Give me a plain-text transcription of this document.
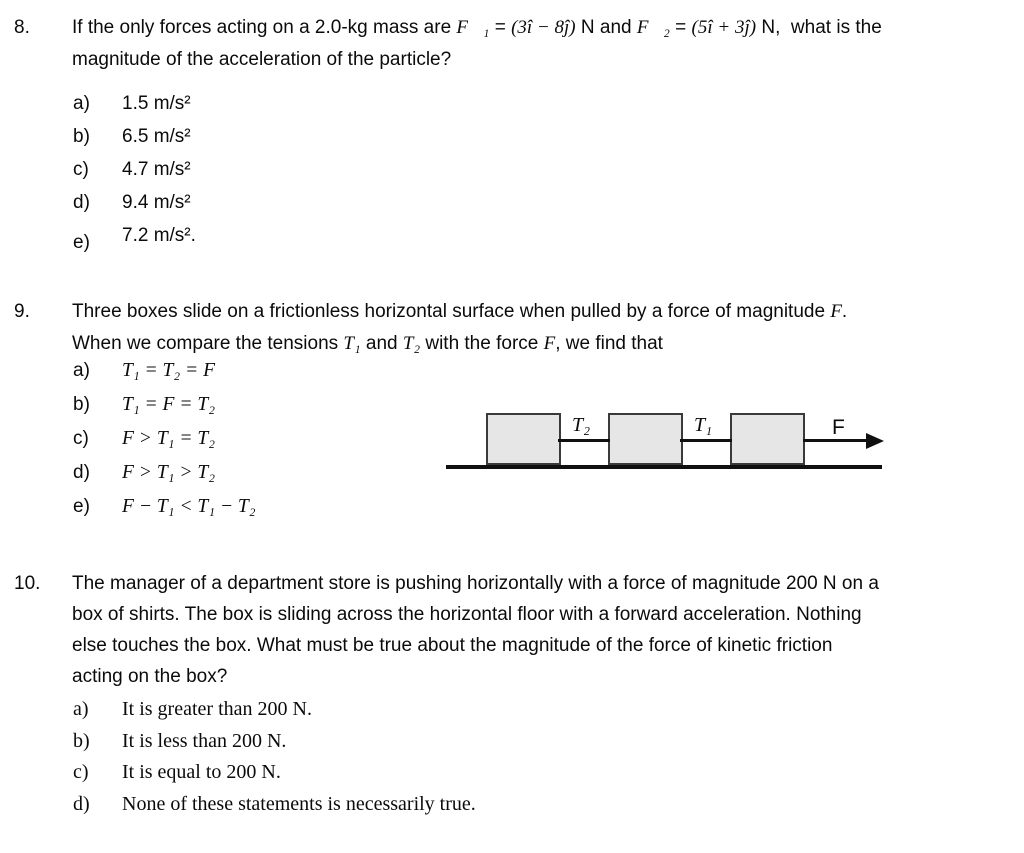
8.	If the only forces acting on a 2.0-kg mass are F⃗₁ = (3î − 8ĵ) N and F⃗₂ = (5î + 3ĵ) N,  what is the
magnitude of the acceleration of the particle?
a)	1.5 m/s²
b)	6.5 m/s²
c)	4.7 m/s²
d)	9.4 m/s²
e)	7.2 m/s².
9.	Three boxes slide on a frictionless horizontal surface when pulled by a force of magnitude F.
When we compare the tensions T₁ and T₂ with the force F, we find that
a)	T₁ = T₂ = F
b)	T₁ = F = T₂
c)	F > T₁ = T₂
d)	F > T₁ > T₂
e)	F − T₁ < T₁ − T₂
T₂	T₁	F
10.	The manager of a department store is pushing horizontally with a force of magnitude 200 N on a
box of shirts. The box is sliding across the horizontal floor with a forward acceleration. Nothing
else touches the box. What must be true about the magnitude of the force of kinetic friction
acting on the box?
a)	It is greater than 200 N.
b)	It is less than 200 N.
c)	It is equal to 200 N.
d)	None of these statements is necessarily true.
